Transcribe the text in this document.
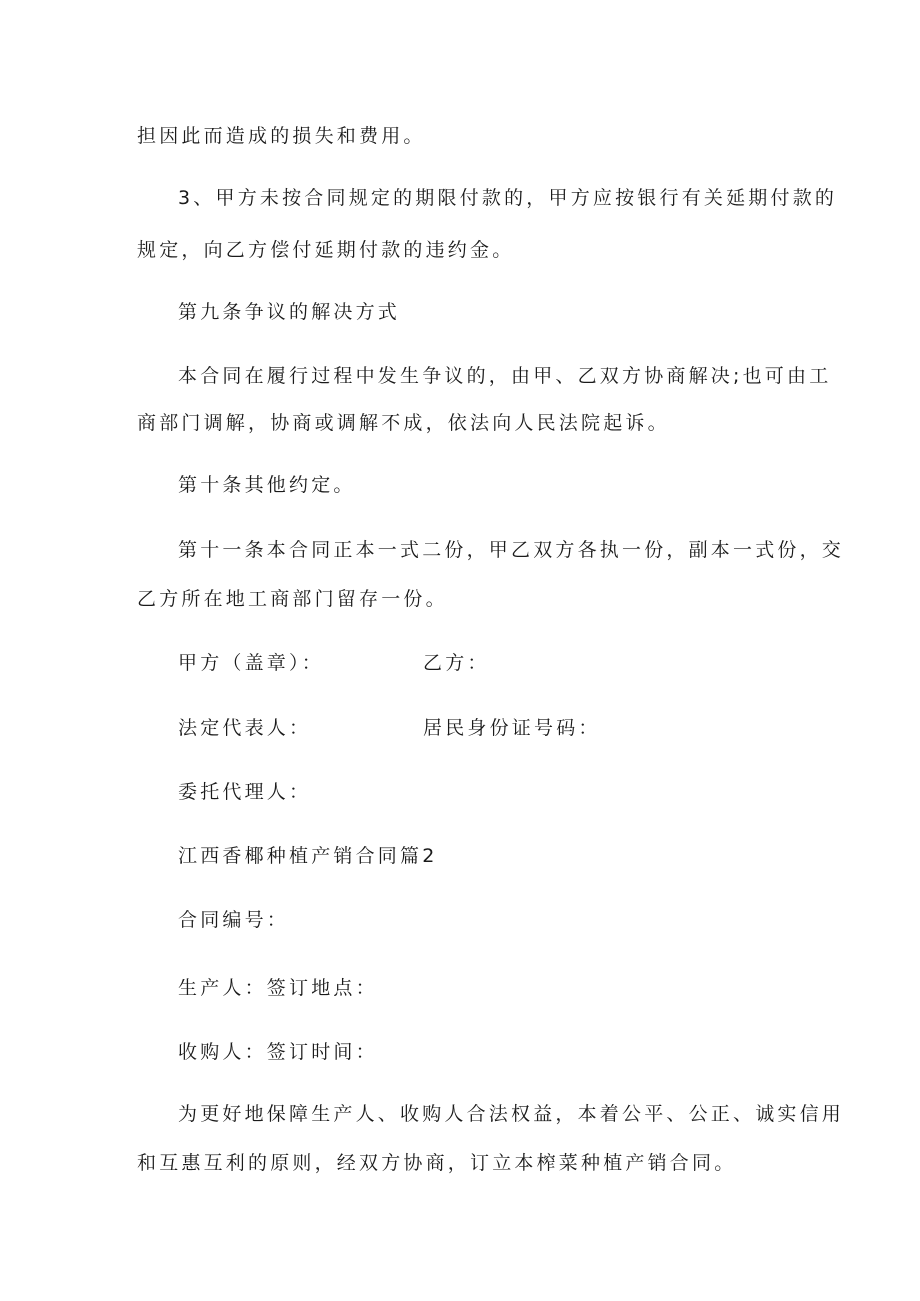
担因此而造成的损失和费用。
3、甲方未按合同规定的期限付款的，甲方应按银行有关延期付款的
规定，向乙方偿付延期付款的违约金。
第九条争议的解决方式
本合同在履行过程中发生争议的，由甲、乙双方协商解决;也可由工
商部门调解，协商或调解不成，依法向人民法院起诉。
第十条其他约定。
第十一条本合同正本一式二份，甲乙双方各执一份，副本一式份，交
乙方所在地工商部门留存一份。
甲方（盖章）：	乙方：
法定代表人：	居民身份证号码：
委托代理人：
江西香椰种植产销合同篇2
合同编号：
生产人：签订地点：
收购人：签订时间：
为更好地保障生产人、收购人合法权益，本着公平、公正、诚实信用
和互惠互利的原则，经双方协商，订立本榨菜种植产销合同。
